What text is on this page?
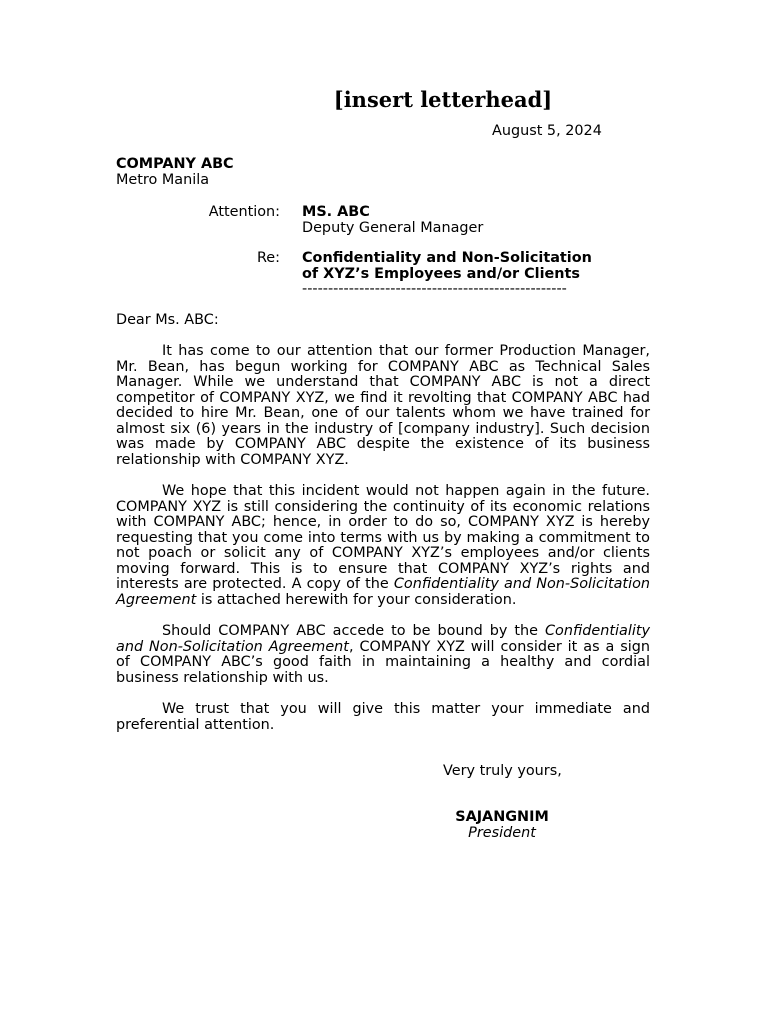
[insert letterhead]
August 5, 2024
COMPANY ABC
Metro Manila
Attention: MS. ABC
Deputy General Manager
Re: Confidentiality and Non-Solicitation
of XYZ’s Employees and/or Clients
---------------------------------------------------
Dear Ms. ABC:

It has come to our attention that our former Production Manager, Mr. Bean, has begun working for COMPANY ABC as Technical Sales Manager. While we understand that COMPANY ABC is not a direct competitor of COMPANY XYZ, we find it revolting that COMPANY ABC had decided to hire Mr. Bean, one of our talents whom we have trained for almost six (6) years in the industry of [company industry]. Such decision was made by COMPANY ABC despite the existence of its business relationship with COMPANY XYZ.

We hope that this incident would not happen again in the future. COMPANY XYZ is still considering the continuity of its economic relations with COMPANY ABC; hence, in order to do so, COMPANY XYZ is hereby requesting that you come into terms with us by making a commitment to not poach or solicit any of COMPANY XYZ’s employees and/or clients moving forward. This is to ensure that COMPANY XYZ’s rights and interests are protected. A copy of the Confidentiality and Non-Solicitation Agreement is attached herewith for your consideration.

Should COMPANY ABC accede to be bound by the Confidentiality and Non-Solicitation Agreement, COMPANY XYZ will consider it as a sign of COMPANY ABC’s good faith in maintaining a healthy and cordial business relationship with us.

We trust that you will give this matter your immediate and preferential attention.

Very truly yours,
SAJANGNIM
President
